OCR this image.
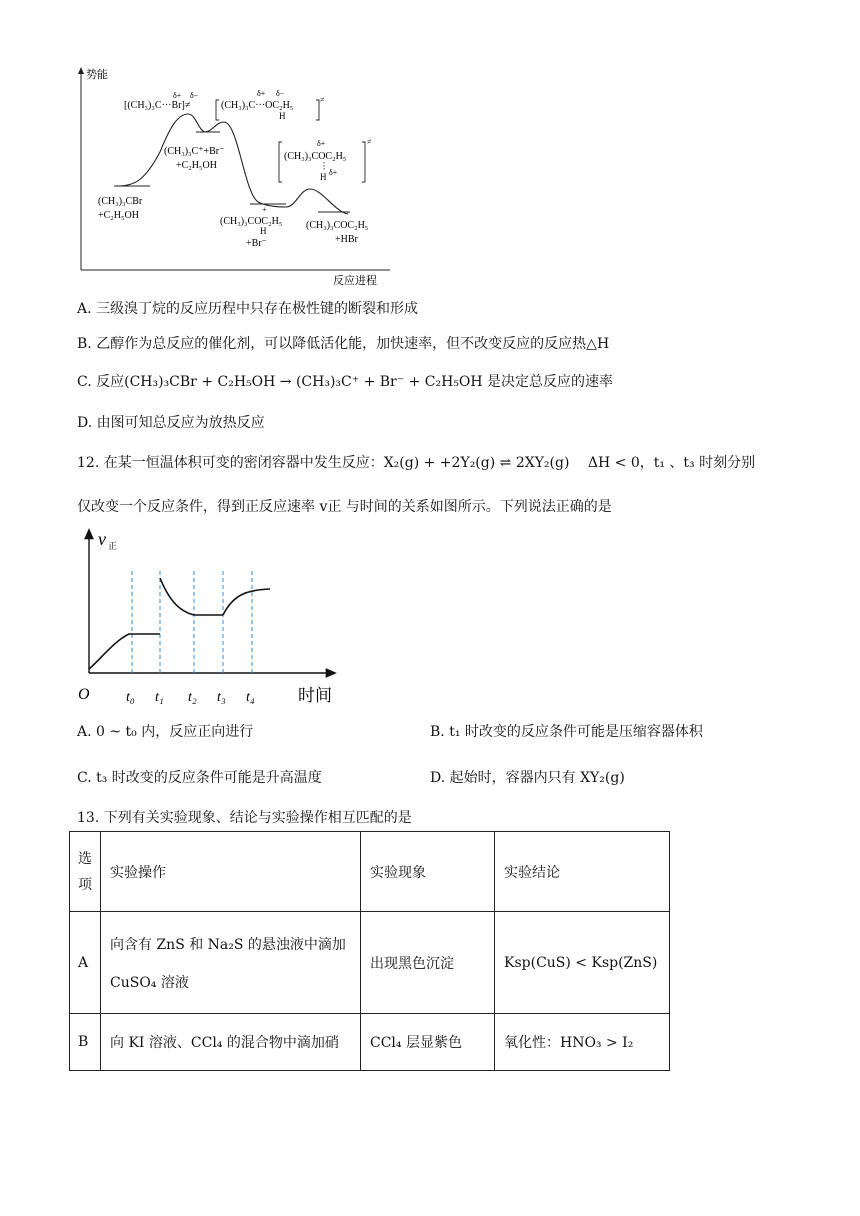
势能
反应进程
δ+ δ−
[(CH₃)₃C···Br]≠
δ+ δ−
(CH₃)₃C···OC₂H₅
H
≠
(CH₃)₃C⁺+Br⁻
+C₂H₅OH
δ+
(CH₃)₃COC₂H₅
H δ+
≠
(CH₃)₃CBr
+C₂H₅OH
+
(CH₃)₃COC₂H₅
H
+Br⁻
(CH₃)₃COC₂H₅
+HBr
A. 三级溴丁烷的反应历程中只存在极性键的断裂和形成
B. 乙醇作为总反应的催化剂，可以降低活化能，加快速率，但不改变反应的反应热△H
C. 反应(CH₃)₃CBr + C₂H₅OH → (CH₃)₃C⁺ + Br⁻ + C₂H₅OH 是决定总反应的速率
D. 由图可知总反应为放热反应
12. 在某一恒温体积可变的密闭容器中发生反应：X₂(g) + +2Y₂(g) ⇌ 2XY₂(g)　 ΔH < 0，t₁ 、t₃ 时刻分别
仅改变一个反应条件，得到正反应速率 v正 与时间的关系如图所示。下列说法正确的是
v 正
O	时间
t₀ t₁ t₂ t₃ t₄
A. 0 ~ t₀ 内，反应正向进行	B. t₁ 时改变的反应条件可能是压缩容器体积
C. t₃ 时改变的反应条件可能是升高温度	D. 起始时，容器内只有 XY₂(g)
13. 下列有关实验现象、结论与实验操作相互匹配的是
选项	实验操作	实验现象	实验结论
A	向含有 ZnS 和 Na₂S 的悬浊液中滴加
CuSO₄ 溶液	出现黑色沉淀	Ksp(CuS) < Ksp(ZnS)
B	向 KI 溶液、CCl₄ 的混合物中滴加硝	CCl₄ 层显紫色	氧化性：HNO₃ > I₂
